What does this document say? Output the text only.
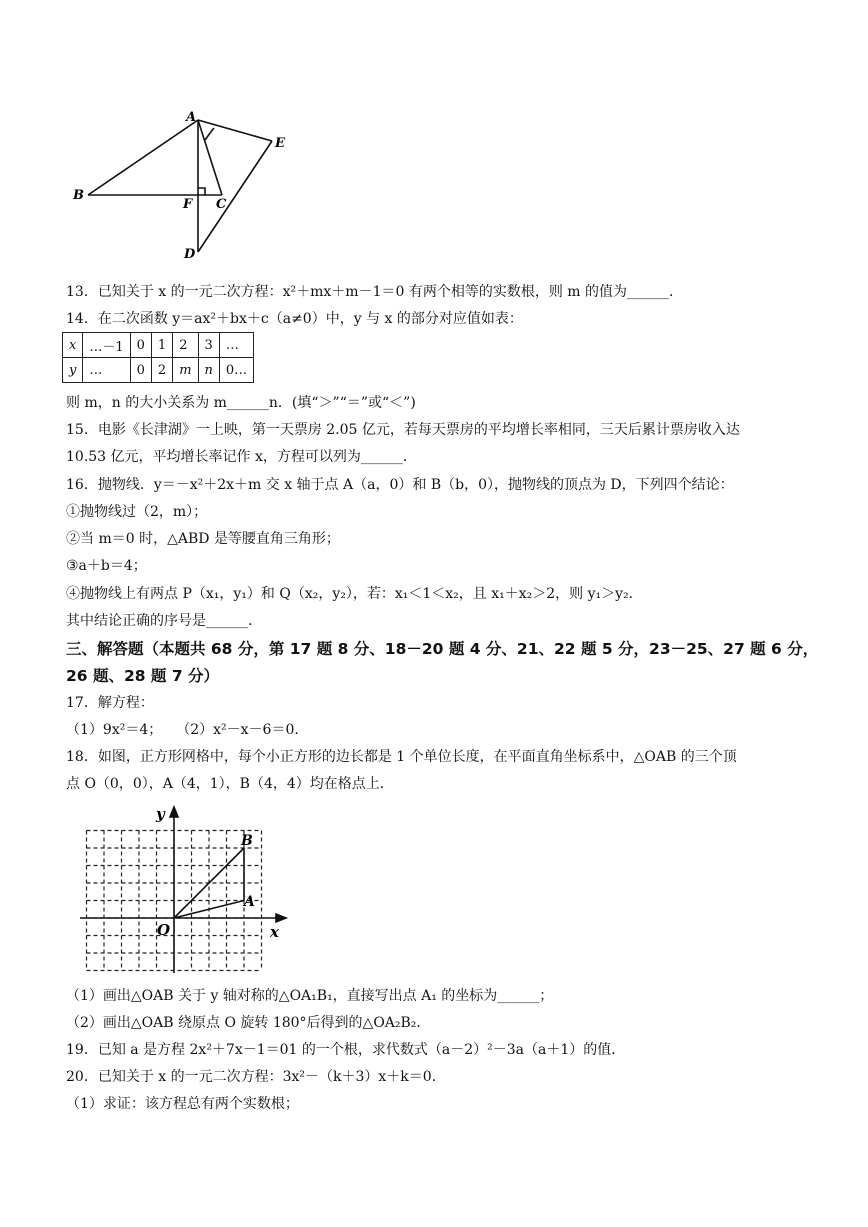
A
B
C
D
E
F
13．已知关于 x 的一元二次方程：x²＋mx＋m－1＝0 有两个相等的实数根，则 m 的值为______．
14．在二次函数 y＝ax²＋bx＋c（a≠0）中，y 与 x 的部分对应值如表：
x	…－1	0	1	2	3	…
y	…	0	2	m	n	0…
则 m，n 的大小关系为 m______n．(填“＞”“＝”或“＜”)
15．电影《长津湖》一上映，第一天票房 2.05 亿元，若每天票房的平均增长率相同，三天后累计票房收入达
10.53 亿元，平均增长率记作 x，方程可以列为______．
16．抛物线．y＝－x²＋2x＋m 交 x 轴于点 A（a，0）和 B（b，0），抛物线的顶点为 D，下列四个结论：
①抛物线过（2，m）；
②当 m＝0 时，△ABD 是等腰直角三角形；
③a＋b＝4；
④抛物线上有两点 P（x₁，y₁）和 Q（x₂，y₂），若：x₁＜1＜x₂，且 x₁＋x₂＞2，则 y₁＞y₂．
其中结论正确的序号是______．
三、解答题（本题共 68 分，第 17 题 8 分、18－20 题 4 分、21、22 题 5 分，23－25、27 题 6 分，
26 题、28 题 7 分）
17．解方程：
（1）9x²＝4；　　（2）x²－x－6＝0．
18．如图，正方形网格中，每个小正方形的边长都是 1 个单位长度，在平面直角坐标系中，△OAB 的三个顶
点 O（0，0），A（4，1），B（4，4）均在格点上．
y
x
O
A
B
（1）画出△OAB 关于 y 轴对称的△OA₁B₁，直接写出点 A₁ 的坐标为______；
（2）画出△OAB 绕原点 O 旋转 180°后得到的△OA₂B₂．
19．已知 a 是方程 2x²＋7x－1＝01 的一个根，求代数式（a－2）²－3a（a＋1）的值．
20．已知关于 x 的一元二次方程：3x²－（k＋3）x＋k＝0．
（1）求证：该方程总有两个实数根；
